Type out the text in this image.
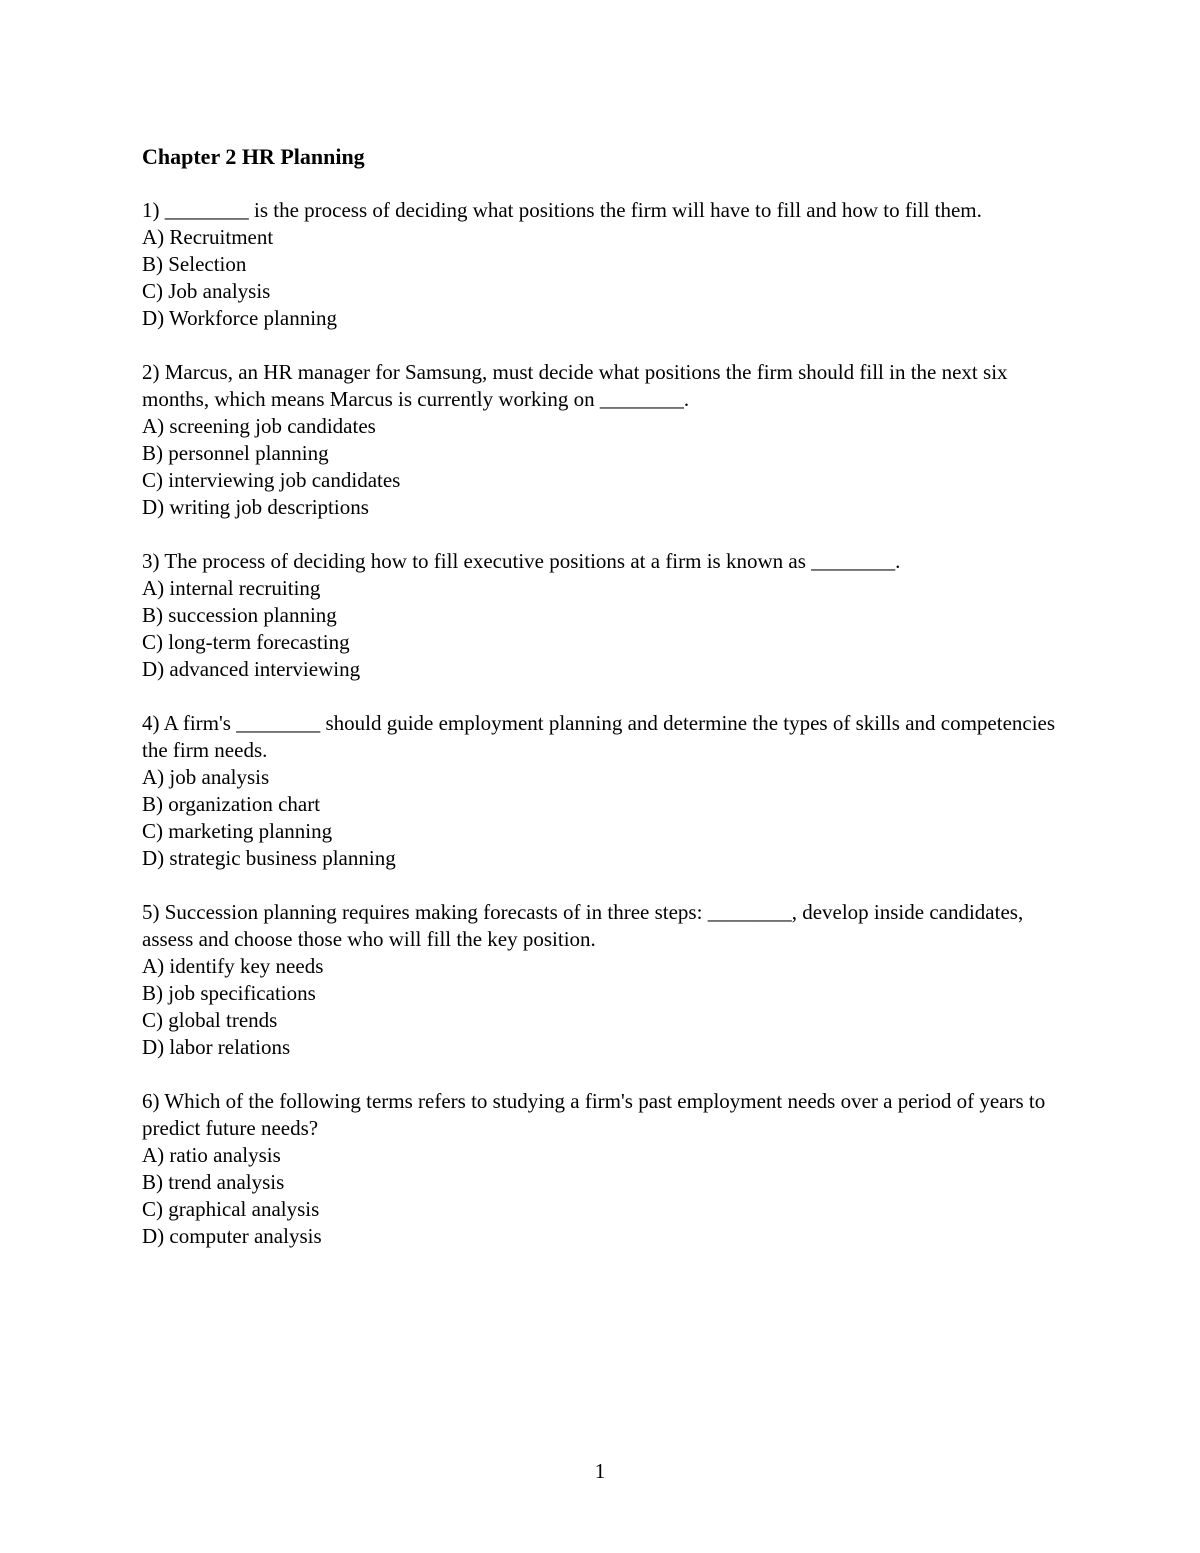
Chapter 2 HR Planning
1) ________ is the process of deciding what positions the firm will have to fill and how to fill them.
A) Recruitment
B) Selection
C) Job analysis
D) Workforce planning
2) Marcus, an HR manager for Samsung, must decide what positions the firm should fill in the next six months, which means Marcus is currently working on ________.
A) screening job candidates
B) personnel planning
C) interviewing job candidates
D) writing job descriptions
3) The process of deciding how to fill executive positions at a firm is known as ________.
A) internal recruiting
B) succession planning
C) long-term forecasting
D) advanced interviewing
4) A firm's ________ should guide employment planning and determine the types of skills and competencies the firm needs.
A) job analysis
B) organization chart
C) marketing planning
D) strategic business planning
5) Succession planning requires making forecasts of in three steps: ________, develop inside candidates, assess and choose those who will fill the key position.
A) identify key needs
B) job specifications
C) global trends
D) labor relations
6) Which of the following terms refers to studying a firm's past employment needs over a period of years to predict future needs?
A) ratio analysis
B) trend analysis
C) graphical analysis
D) computer analysis
1
